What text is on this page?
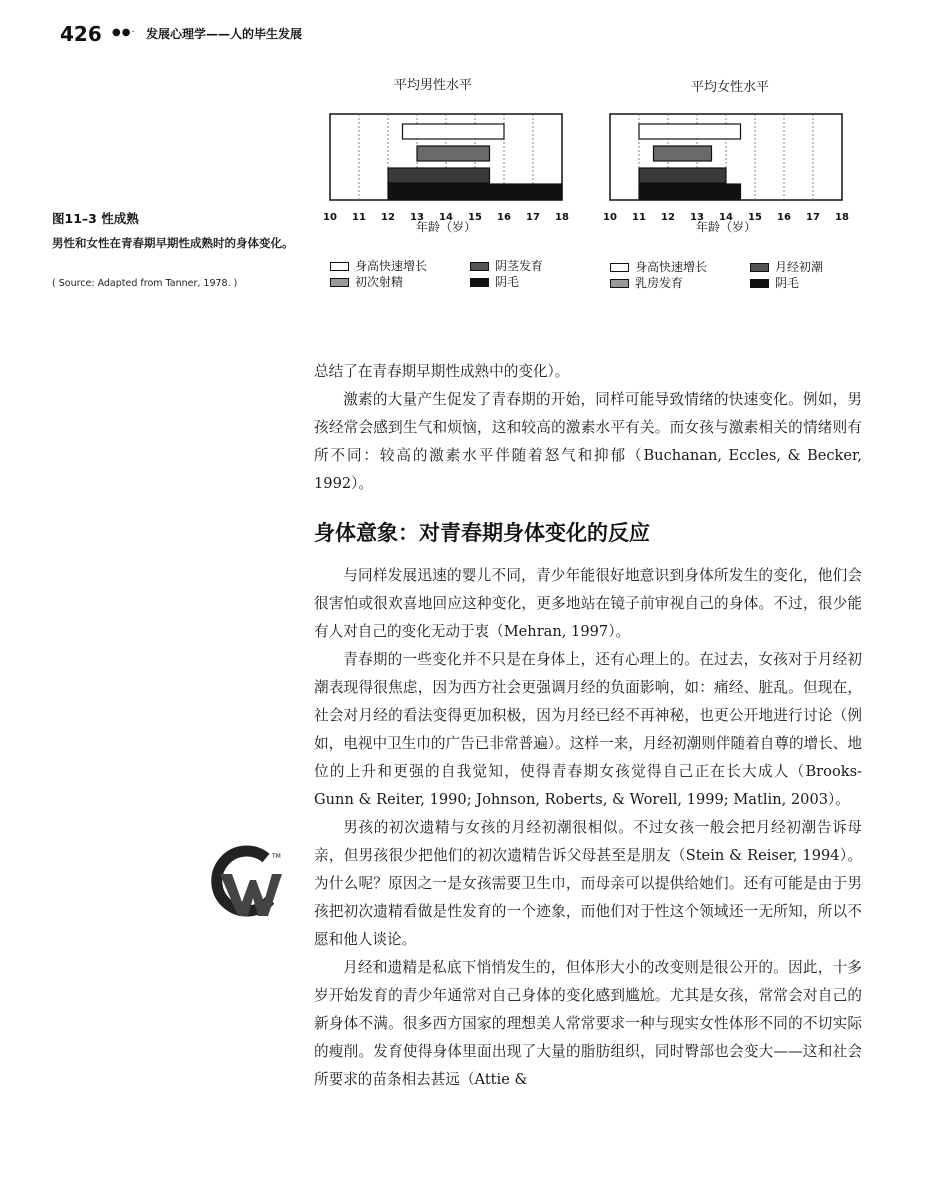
426 ●●· 发展心理学——人的毕生发展
图11–3 性成熟
男性和女性在青春期早期性成熟时的身体变化。
( Source: Adapted from Tanner, 1978. )
平均男性水平	平均女性水平
10 11 12 13 14 15 16 17 18
年龄（岁）
10 11 12 13 14 15 16 17 18
年龄（岁）
身高快速增长	阴茎发育
初次射精	阴毛
身高快速增长	月经初潮
乳房发育	阴毛
TM

总结了在青春期早期性成熟中的变化）。

激素的大量产生促发了青春期的开始，同样可能导致情绪的快速变化。例如，男孩经常会感到生气和烦恼，这和较高的激素水平有关。而女孩与激素相关的情绪则有所不同：较高的激素水平伴随着怒气和抑郁（Buchanan, Eccles, & Becker, 1992）。

身体意象：对青春期身体变化的反应

与同样发展迅速的婴儿不同，青少年能很好地意识到身体所发生的变化，他们会很害怕或很欢喜地回应这种变化，更多地站在镜子前审视自己的身体。不过，很少能有人对自己的变化无动于衷（Mehran, 1997）。

青春期的一些变化并不只是在身体上，还有心理上的。在过去，女孩对于月经初潮表现得很焦虑，因为西方社会更强调月经的负面影响，如：痛经、脏乱。但现在，社会对月经的看法变得更加积极，因为月经已经不再神秘，也更公开地进行讨论（例如，电视中卫生巾的广告已非常普遍）。这样一来，月经初潮则伴随着自尊的增长、地位的上升和更强的自我觉知，使得青春期女孩觉得自己正在长大成人（Brooks-Gunn & Reiter, 1990; Johnson, Roberts, & Worell, 1999; Matlin, 2003）。

男孩的初次遗精与女孩的月经初潮很相似。不过女孩一般会把月经初潮告诉母亲，但男孩很少把他们的初次遗精告诉父母甚至是朋友（Stein & Reiser, 1994）。为什么呢？原因之一是女孩需要卫生巾，而母亲可以提供给她们。还有可能是由于男孩把初次遗精看做是性发育的一个迹象，而他们对于性这个领域还一无所知，所以不愿和他人谈论。

月经和遗精是私底下悄悄发生的，但体形大小的改变则是很公开的。因此，十多岁开始发育的青少年通常对自己身体的变化感到尴尬。尤其是女孩，常常会对自己的新身体不满。很多西方国家的理想美人常常要求一种与现实女性体形不同的不切实际的瘦削。发育使得身体里面出现了大量的脂肪组织，同时臀部也会变大——这和社会所要求的苗条相去甚远（Attie &
